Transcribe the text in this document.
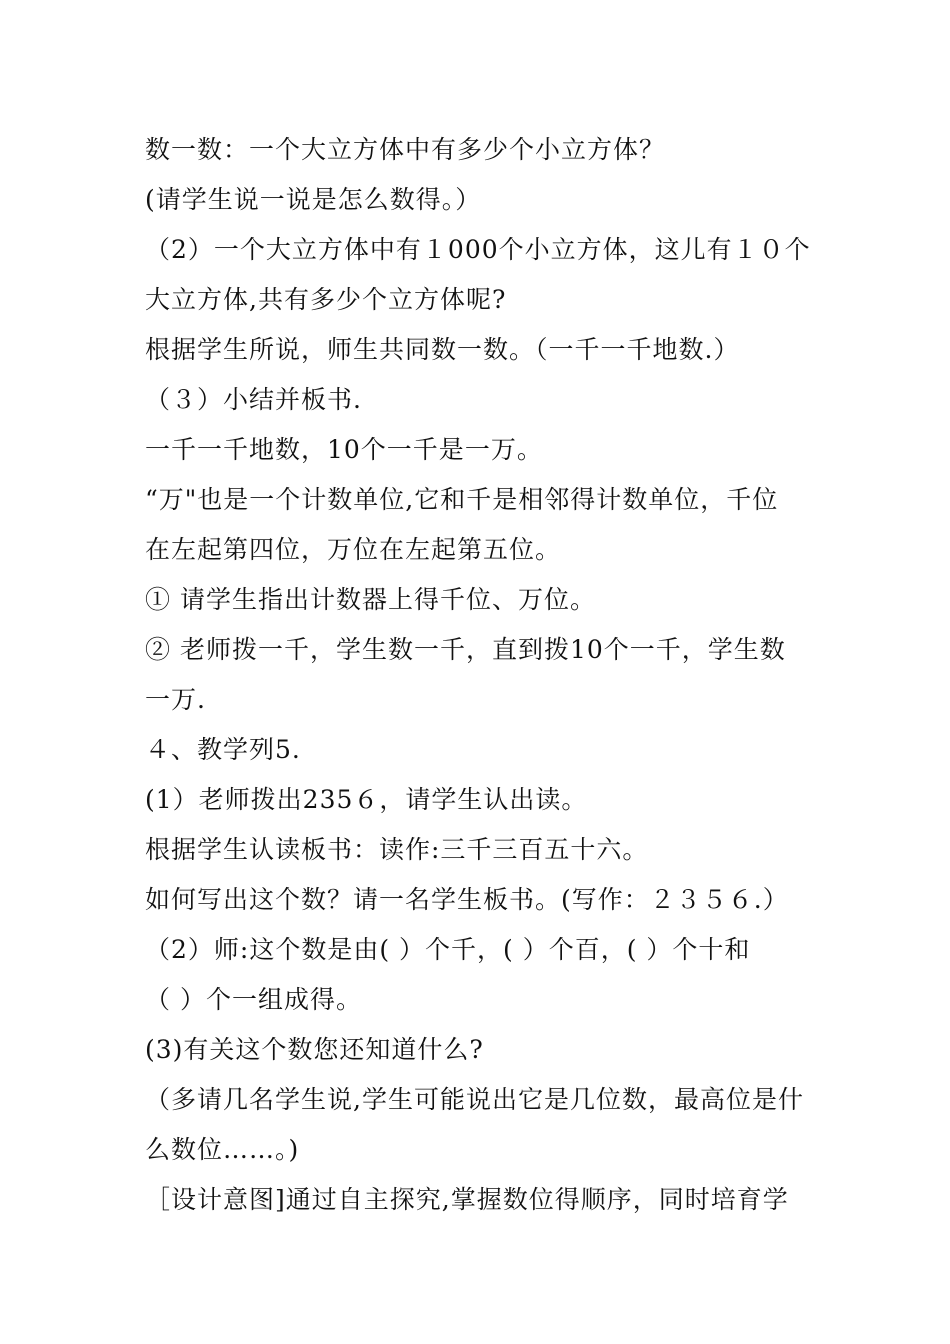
数一数：一个大立方体中有多少个小立方体？
(请学生说一说是怎么数得。）
（2）一个大立方体中有１000个小立方体，这儿有１０个
大立方体,共有多少个立方体呢?
根据学生所说，师生共同数一数。（一千一千地数.）
（３）小结并板书.
一千一千地数，10个一千是一万。
“万"也是一个计数单位,它和千是相邻得计数单位，千位
在左起第四位，万位在左起第五位。
① 请学生指出计数器上得千位、万位。
② 老师拨一千，学生数一千，直到拨10个一千，学生数
一万.
４、教学列5.
(1）老师拨出235６，请学生认出读。
根据学生认读板书：读作:三千三百五十六。
如何写出这个数？请一名学生板书。(写作：２３５６.）
（2）师:这个数是由( ）个千，( ）个百，( ）个十和
（ ）个一组成得。
(3)有关这个数您还知道什么?
（多请几名学生说,学生可能说出它是几位数，最高位是什
么数位……。)
［设计意图]通过自主探究,掌握数位得顺序，同时培育学
